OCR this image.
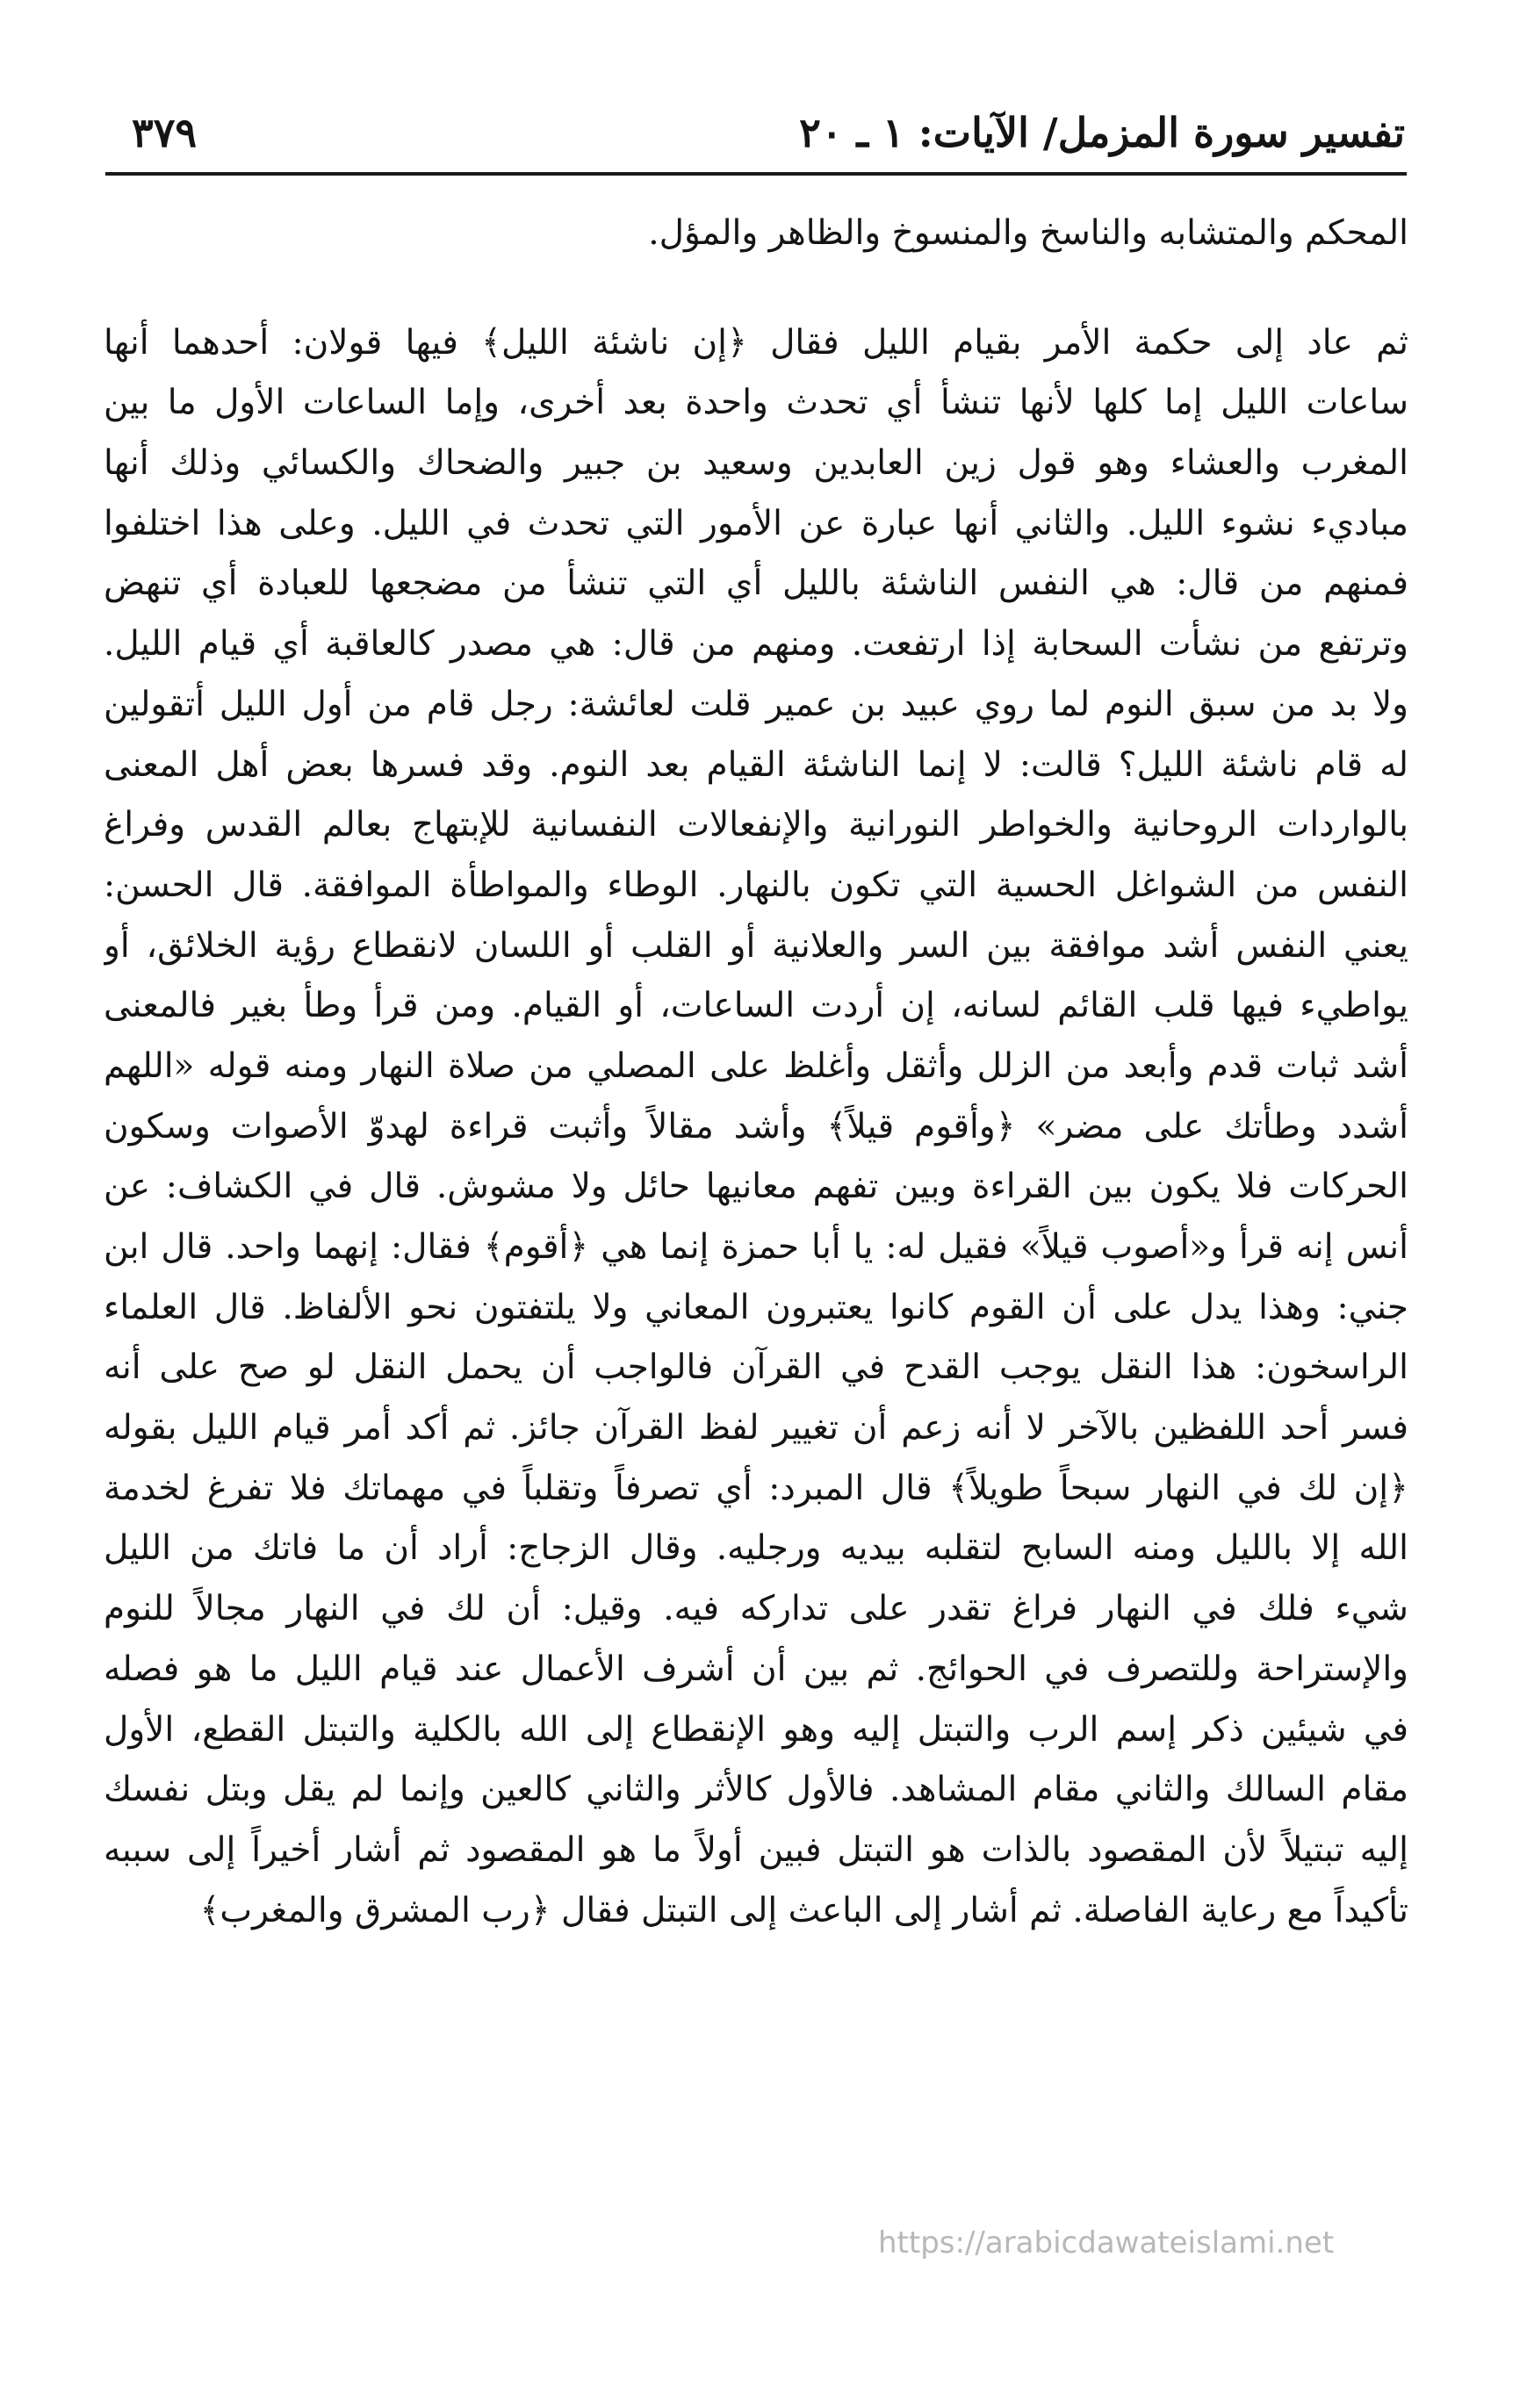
تفسير سورة المزمل/ الآيات: ١ ـ ٢٠
٣٧٩
المحكم والمتشابه والناسخ والمنسوخ والظاهر والمؤل.
ثم عاد إلى حكمة الأمر بقيام الليل فقال ﴿إن ناشئة الليل﴾ فيها قولان: أحدهما أنها
ساعات الليل إما كلها لأنها تنشأ أي تحدث واحدة بعد أخرى، وإما الساعات الأول ما بين
المغرب والعشاء وهو قول زين العابدين وسعيد بن جبير والضحاك والكسائي وذلك أنها
مباديء نشوء الليل. والثاني أنها عبارة عن الأمور التي تحدث في الليل. وعلى هذا اختلفوا
فمنهم من قال: هي النفس الناشئة بالليل أي التي تنشأ من مضجعها للعبادة أي تنهض
وترتفع من نشأت السحابة إذا ارتفعت. ومنهم من قال: هي مصدر كالعاقبة أي قيام الليل.
ولا بد من سبق النوم لما روي عبيد بن عمير قلت لعائشة: رجل قام من أول الليل أتقولين
له قام ناشئة الليل؟ قالت: لا إنما الناشئة القيام بعد النوم. وقد فسرها بعض أهل المعنى
بالواردات الروحانية والخواطر النورانية والإنفعالات النفسانية للإبتهاج بعالم القدس وفراغ
النفس من الشواغل الحسية التي تكون بالنهار. الوطاء والمواطأة الموافقة. قال الحسن:
يعني النفس أشد موافقة بين السر والعلانية أو القلب أو اللسان لانقطاع رؤية الخلائق، أو
يواطيء فيها قلب القائم لسانه، إن أردت الساعات، أو القيام. ومن قرأ وطأ بغير فالمعنى
أشد ثبات قدم وأبعد من الزلل وأثقل وأغلظ على المصلي من صلاة النهار ومنه قوله «اللهم
أشدد وطأتك على مضر» ﴿وأقوم قيلاً﴾ وأشد مقالاً وأثبت قراءة لهدوّ الأصوات وسكون
الحركات فلا يكون بين القراءة وبين تفهم معانيها حائل ولا مشوش. قال في الكشاف: عن
أنس إنه قرأ و«أصوب قيلاً» فقيل له: يا أبا حمزة إنما هي ﴿أقوم﴾ فقال: إنهما واحد. قال ابن
جني: وهذا يدل على أن القوم كانوا يعتبرون المعاني ولا يلتفتون نحو الألفاظ. قال العلماء
الراسخون: هذا النقل يوجب القدح في القرآن فالواجب أن يحمل النقل لو صح على أنه
فسر أحد اللفظين بالآخر لا أنه زعم أن تغيير لفظ القرآن جائز. ثم أكد أمر قيام الليل بقوله
﴿إن لك في النهار سبحاً طويلاً﴾ قال المبرد: أي تصرفاً وتقلباً في مهماتك فلا تفرغ لخدمة
الله إلا بالليل ومنه السابح لتقلبه بيديه ورجليه. وقال الزجاج: أراد أن ما فاتك من الليل
شيء فلك في النهار فراغ تقدر على تداركه فيه. وقيل: أن لك في النهار مجالاً للنوم
والإستراحة وللتصرف في الحوائج. ثم بين أن أشرف الأعمال عند قيام الليل ما هو فصله
في شيئين ذكر إسم الرب والتبتل إليه وهو الإنقطاع إلى الله بالكلية والتبتل القطع، الأول
مقام السالك والثاني مقام المشاهد. فالأول كالأثر والثاني كالعين وإنما لم يقل وبتل نفسك
إليه تبتيلاً لأن المقصود بالذات هو التبتل فبين أولاً ما هو المقصود ثم أشار أخيراً إلى سببه
تأكيداً مع رعاية الفاصلة. ثم أشار إلى الباعث إلى التبتل فقال ﴿رب المشرق والمغرب﴾
https://arabicdawateislami.net
